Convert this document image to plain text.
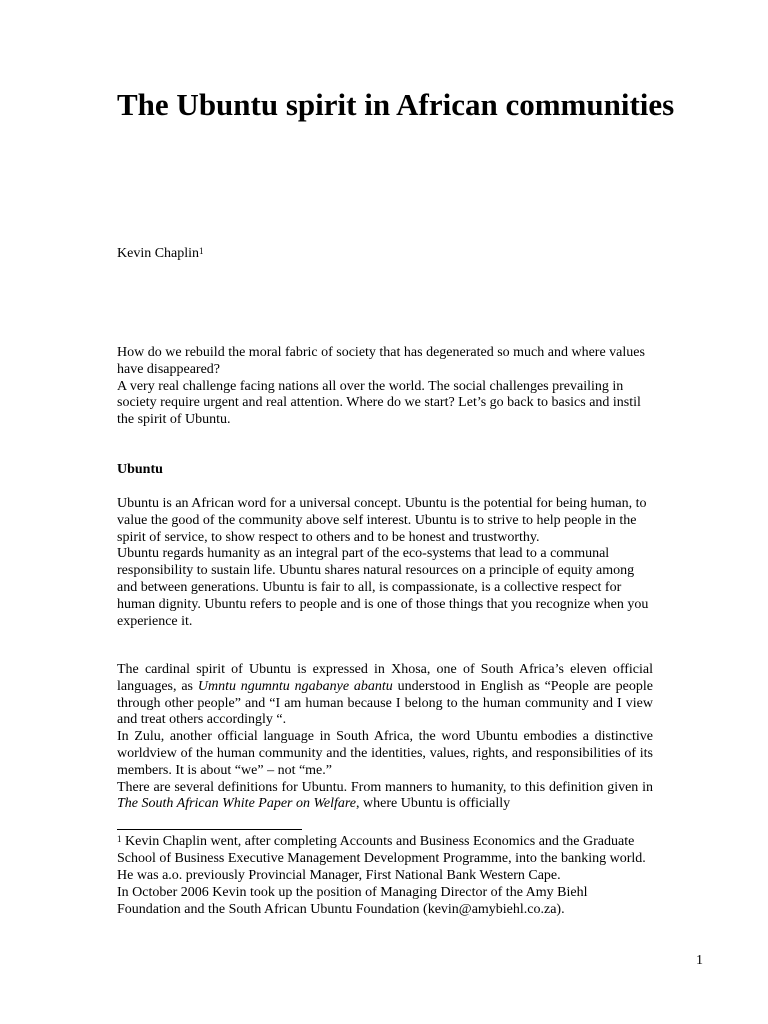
The Ubuntu spirit in African communities
Kevin Chaplin$^1$

How do we rebuild the moral fabric of society that has degenerated so much and where values have disappeared?

A very real challenge facing nations all over the world. The social challenges prevailing in society require urgent and real attention. Where do we start? Let’s go back to basics and instil the spirit of Ubuntu.

Ubuntu

Ubuntu is an African word for a universal concept. Ubuntu is the potential for being human, to value the good of the community above self interest. Ubuntu is to strive to help people in the spirit of service, to show respect to others and to be honest and trustworthy.

Ubuntu regards humanity as an integral part of the eco-systems that lead to a communal responsibility to sustain life. Ubuntu shares natural resources on a principle of equity among and between generations. Ubuntu is fair to all, is compassionate, is a collective respect for human dignity. Ubuntu refers to people and is one of those things that you recognize when you experience it.

The cardinal spirit of Ubuntu is expressed in Xhosa, one of South Africa’s eleven official languages, as Umntu ngumntu ngabanye abantu understood in English as “People are people through other people” and “I am human because I belong to the human community and I view and treat others accordingly “.

In Zulu, another official language in South Africa, the word Ubuntu embodies a distinctive worldview of the human community and the identities, values, rights, and responsibilities of its members. It is about “we” – not “me.”

There are several definitions for Ubuntu. From manners to humanity, to this definition given in The South African White Paper on Welfare, where Ubuntu is officially

$^1$ Kevin Chaplin went, after completing Accounts and Business Economics and the Graduate School of Business Executive Management Development Programme, into the banking world. He was a.o. previously Provincial Manager, First National Bank Western Cape.

In October 2006 Kevin took up the position of Managing Director of the Amy Biehl Foundation and the South African Ubuntu Foundation (kevin@amybiehl.co.za).

1
